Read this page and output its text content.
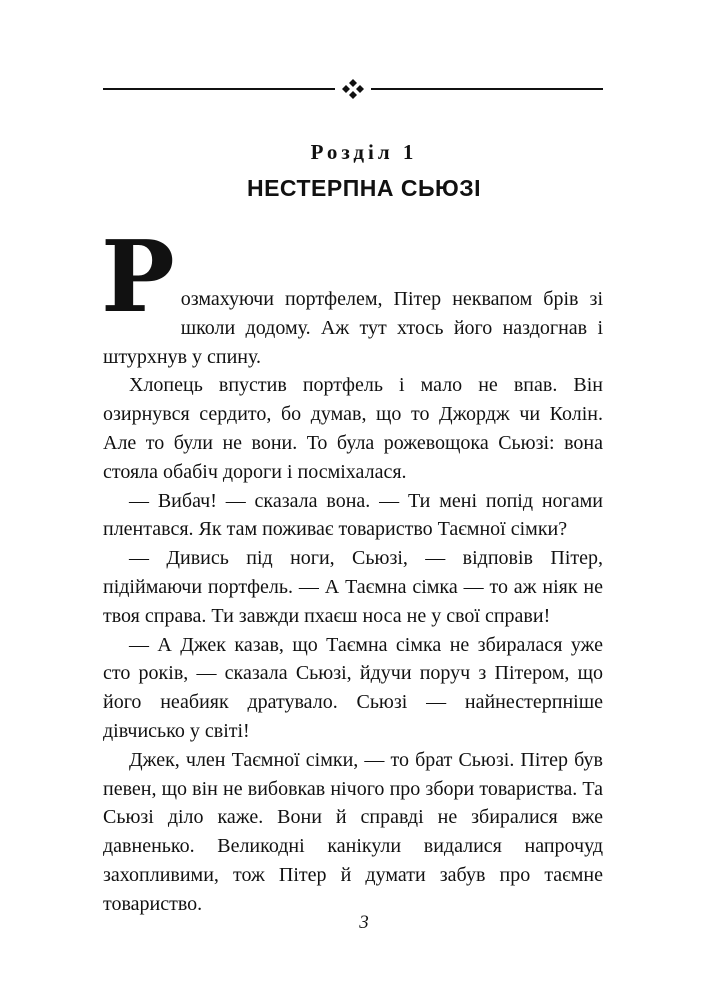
Розділ 1
НЕСТЕРПНА СЬЮЗІ

Розмахуючи портфелем, Пітер неквапом брів зі школи додому. Аж тут хтось його наздогнав і штурхнув у спину.

Хлопець впустив портфель і мало не впав. Він озирнувся сердито, бо думав, що то Джордж чи Колін. Але то були не вони. То була рожевощока Сьюзі: вона стояла обабіч дороги і посміхалася.

— Вибач! — сказала вона. — Ти мені попід ногами плентався. Як там поживає товариство Таємної сімки?

— Дивись під ноги, Сьюзі, — відповів Пітер, підіймаючи портфель. — А Таємна сімка — то аж ніяк не твоя справа. Ти завжди пхаєш носа не у свої справи!

— А Джек казав, що Таємна сімка не збиралася уже сто років, — сказала Сьюзі, йдучи поруч з Пітером, що його неабияк дратувало. Сьюзі — найнестерпніше дівчисько у світі!

Джек, член Таємної сімки, — то брат Сьюзі. Пітер був певен, що він не вибовкав нічого про збори товариства. Та Сьюзі діло каже. Вони й справді не збиралися вже давненько. Великодні канікули видалися напрочуд захопливими, тож Пітер й думати забув про таємне товариство.

3
